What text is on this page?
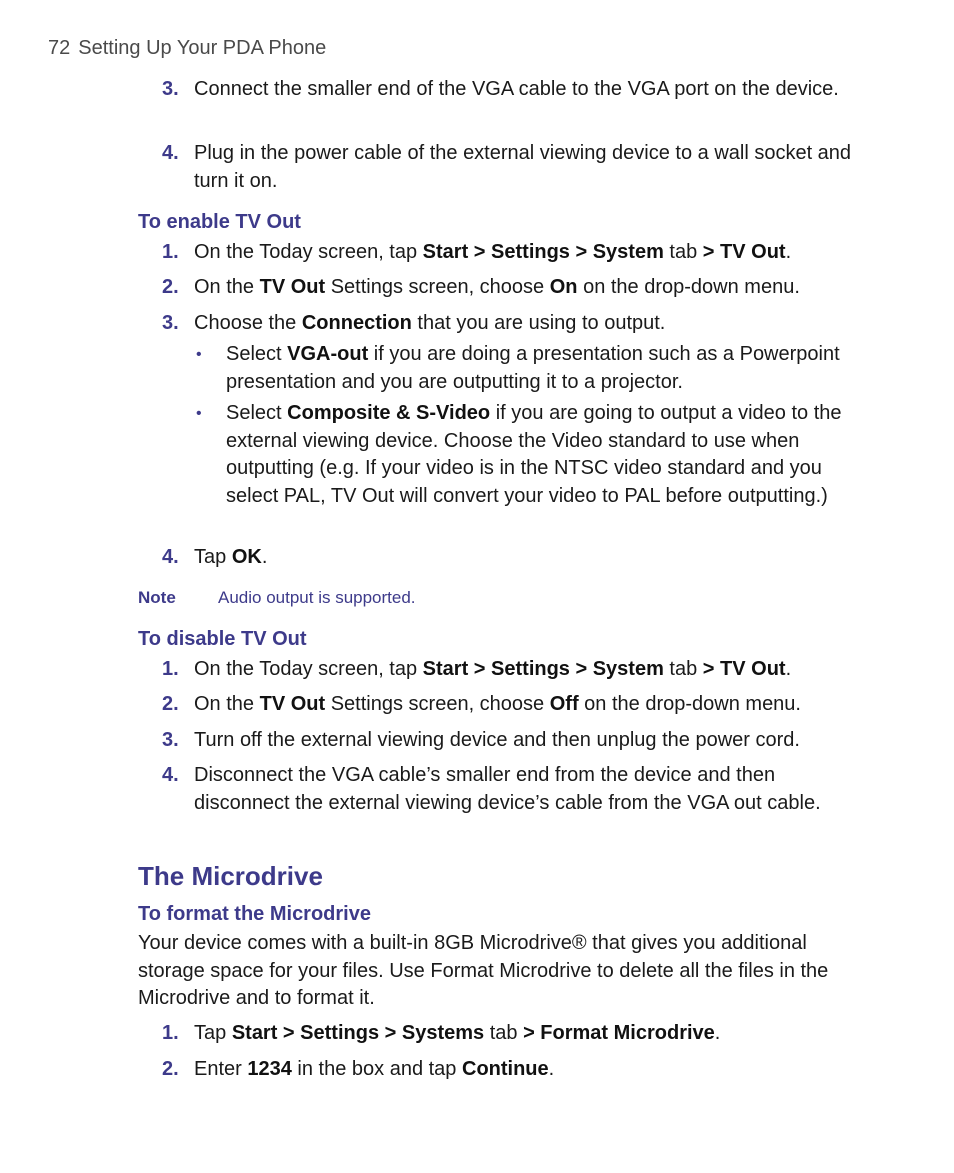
72 Setting Up Your PDA Phone
3. Connect the smaller end of the VGA cable to the VGA port on the device.
4. Plug in the power cable of the external viewing device to a wall socket and turn it on.
To enable TV Out
1. On the Today screen, tap Start > Settings > System tab > TV Out.
2. On the TV Out Settings screen, choose On on the drop-down menu.
3. Choose the Connection that you are using to output.
• Select VGA-out if you are doing a presentation such as a Powerpoint presentation and you are outputting it to a projector.
• Select Composite & S-Video if you are going to output a video to the external viewing device. Choose the Video standard to use when outputting (e.g. If your video is in the NTSC video standard and you select PAL, TV Out will convert your video to PAL before outputting.)
4. Tap OK.
Note Audio output is supported.
To disable TV Out
1. On the Today screen, tap Start > Settings > System tab > TV Out.
2. On the TV Out Settings screen, choose Off on the drop-down menu.
3. Turn off the external viewing device and then unplug the power cord.
4. Disconnect the VGA cable’s smaller end from the device and then disconnect the external viewing device’s cable from the VGA out cable.
The Microdrive
To format the Microdrive
Your device comes with a built-in 8GB Microdrive® that gives you additional storage space for your files. Use Format Microdrive to delete all the files in the Microdrive and to format it.
1. Tap Start > Settings > Systems tab > Format Microdrive.
2. Enter 1234 in the box and tap Continue.
